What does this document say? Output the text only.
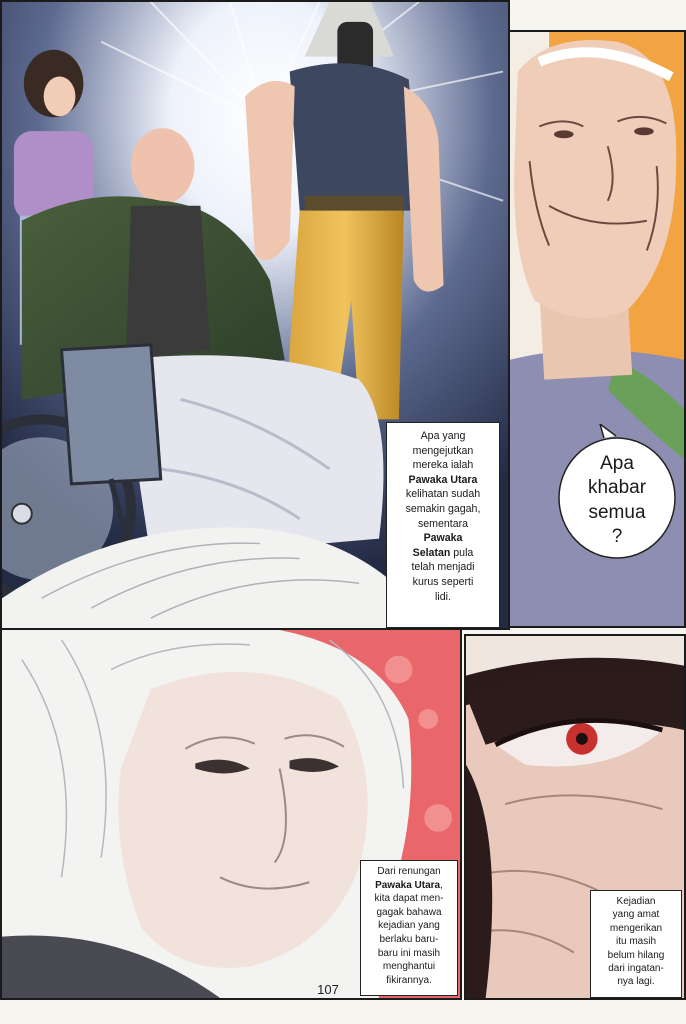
Apa yang
mengejutkan
mereka ialah
Pawaka Utara
kelihatan sudah
semakin gagah,
sementara
Pawaka
Selatan pula
telah menjadi
kurus seperti
lidi.
Apa
khabar
semua
?
Dari renungan
Pawaka Utara,
kita dapat men-
gagak bahawa
kejadian yang
berlaku baru-
baru ini masih
menghantui
fikirannya.
Kejadian
yang amat
mengerikan
itu masih
belum hilang
dari ingatan-
nya lagi.
107
